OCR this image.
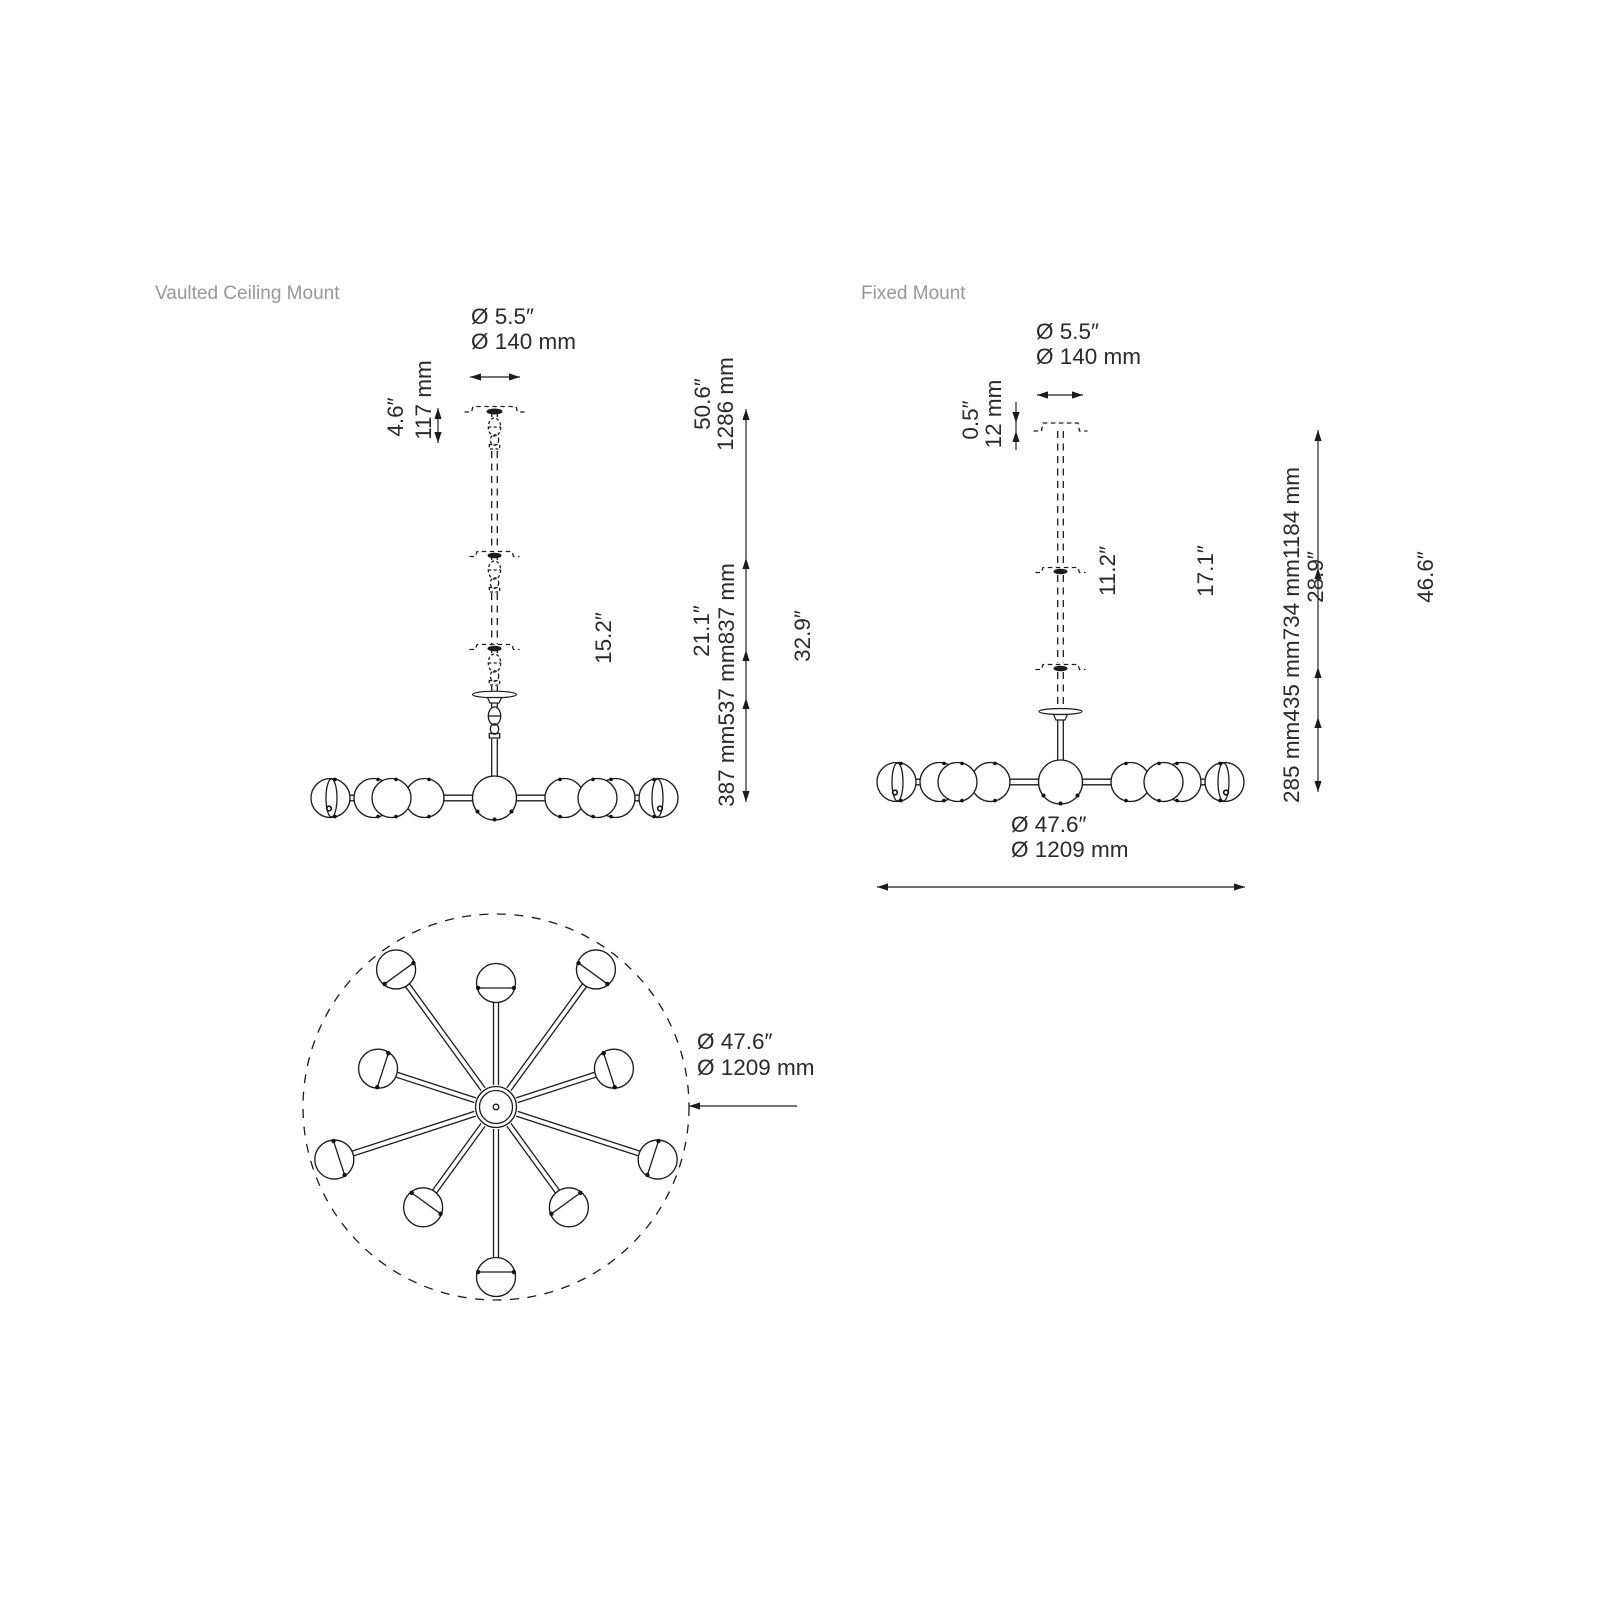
Vaulted Ceiling Mount	Fixed Mount
Ø 5.5″
Ø 140 mm
4.6″ 117 mm
15.2″	21.1″ 387 mm537 mm837 mm 32.9″
50.6″
1286 mm
Ø 5.5″
Ø 140 mm
0.5″
12 mm
11.2″	17.1″	285 mm435 mm734 mm1184 mm 28.9″	46.6″
Ø 47.6″
Ø 1209 mm
Ø 47.6″
Ø 1209 mm
